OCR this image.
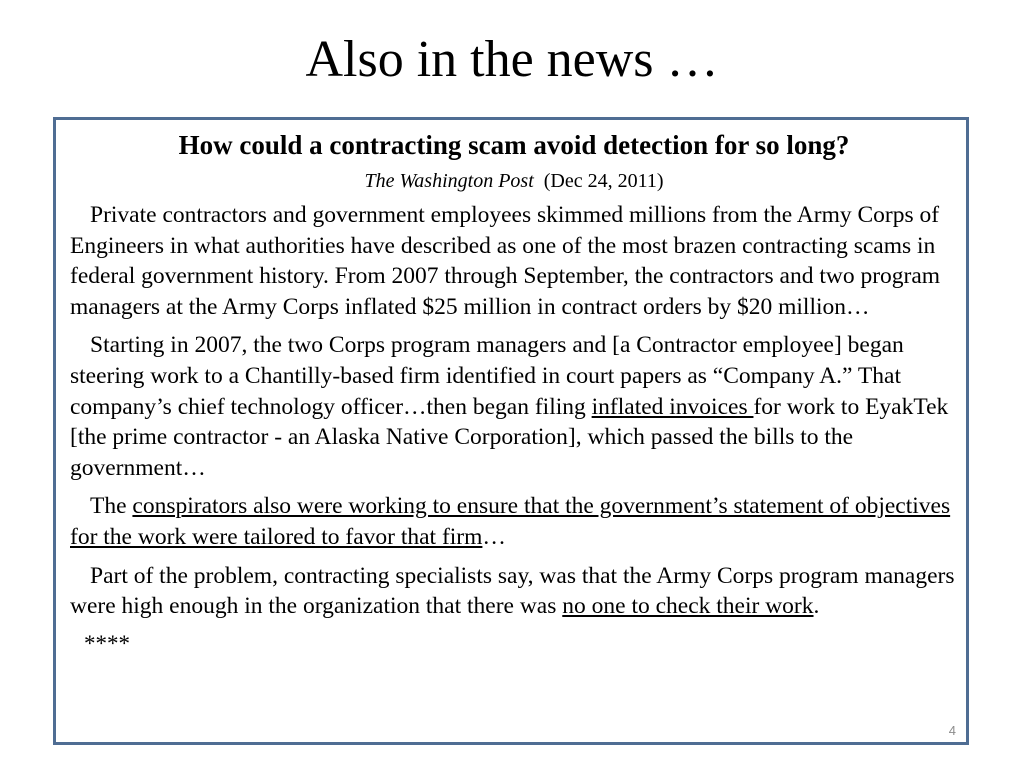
Also in the news …

How could a contracting scam avoid detection for so long?

The Washington Post (Dec 24, 2011)

Private contractors and government employees skimmed millions from the Army Corps of Engineers in what authorities have described as one of the most brazen contracting scams in federal government history. From 2007 through September, the contractors and two program managers at the Army Corps inflated $25 million in contract orders by $20 million…

Starting in 2007, the two Corps program managers and [a Contractor employee] began steering work to a Chantilly-based firm identified in court papers as “Company A.” That company’s chief technology officer…then began filing inflated invoices for work to EyakTek [the prime contractor - an Alaska Native Corporation], which passed the bills to the government…

The conspirators also were working to ensure that the government’s statement of objectives for the work were tailored to favor that firm…

Part of the problem, contracting specialists say, was that the Army Corps program managers were high enough in the organization that there was no one to check their work.

****

4
